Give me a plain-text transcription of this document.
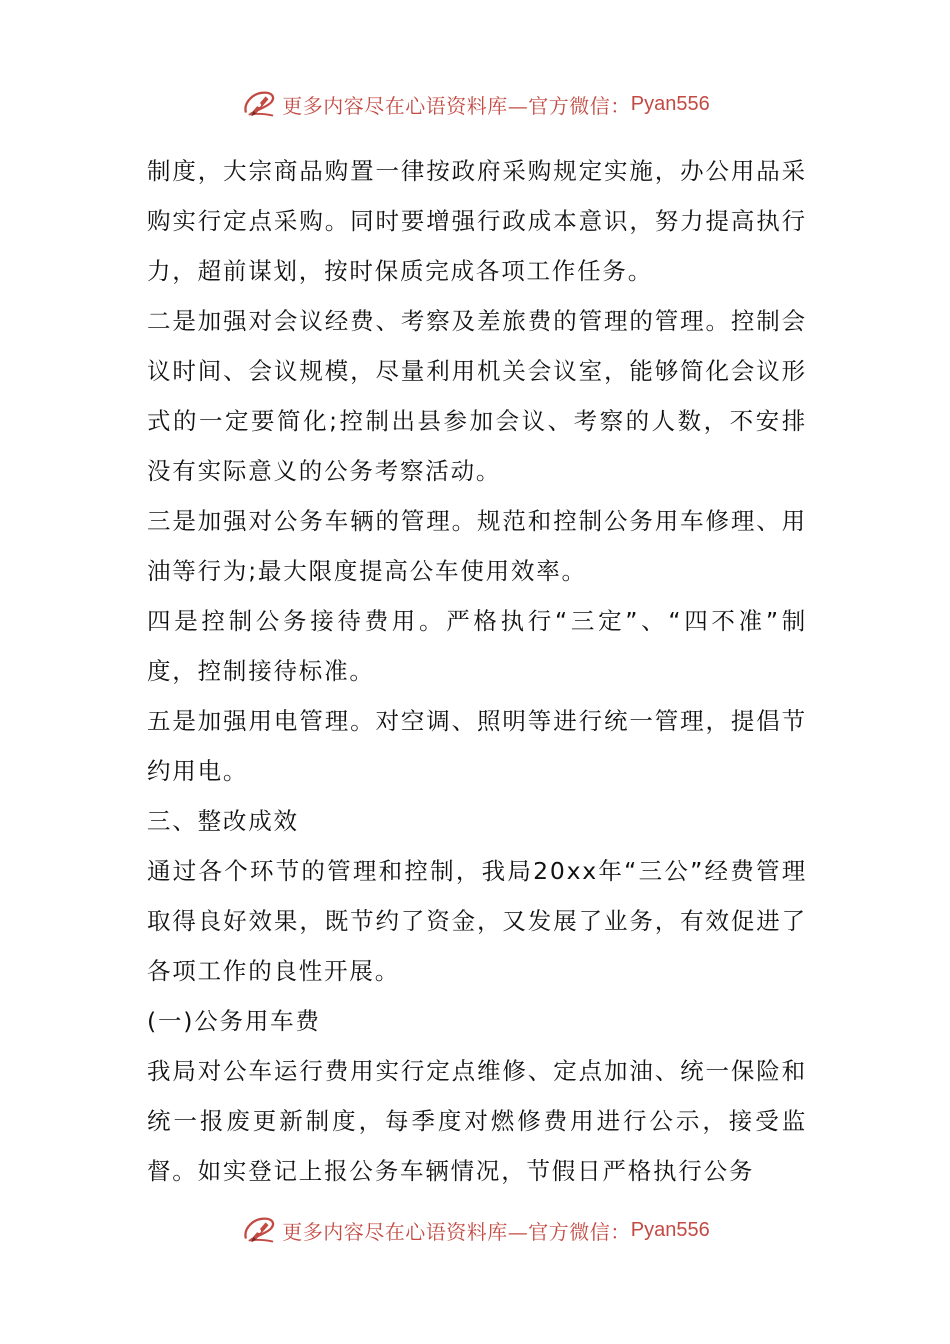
更多内容尽在心语资料库—官方微信： Pyan556

制度，大宗商品购置一律按政府采购规定实施，办公用品采购实行定点采购。同时要增强行政成本意识，努力提高执行力，超前谋划，按时保质完成各项工作任务。

二是加强对会议经费、考察及差旅费的管理的管理。控制会议时间、会议规模，尽量利用机关会议室，能够简化会议形式的一定要简化;控制出县参加会议、考察的人数，不安排没有实际意义的公务考察活动。

三是加强对公务车辆的管理。规范和控制公务用车修理、用油等行为;最大限度提高公车使用效率。

四是控制公务接待费用。严格执行“三定”、“四不准”制度，控制接待标准。

五是加强用电管理。对空调、照明等进行统一管理，提倡节约用电。

三、整改成效

通过各个环节的管理和控制，我局20xx年“三公”经费管理取得良好效果，既节约了资金，又发展了业务，有效促进了各项工作的良性开展。

(一)公务用车费

我局对公车运行费用实行定点维修、定点加油、统一保险和统一报废更新制度，每季度对燃修费用进行公示，接受监督。如实登记上报公务车辆情况，节假日严格执行公务

更多内容尽在心语资料库—官方微信： Pyan556
